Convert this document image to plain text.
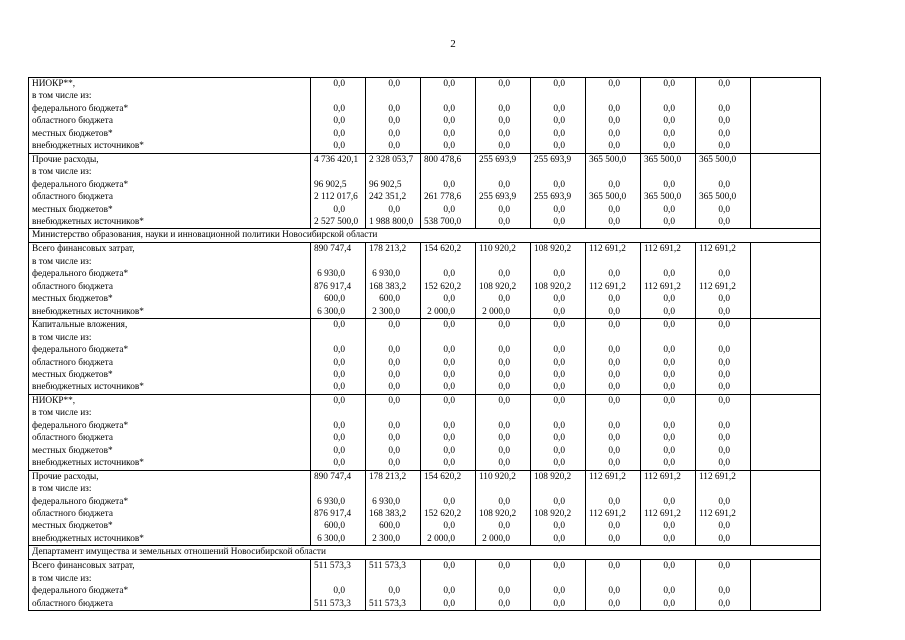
2
НИОКР**,	0,0	0,0	0,0	0,0	0,0	0,0	0,0	0,0	
в том числе из:									
федерального бюджета*	0,0	0,0	0,0	0,0	0,0	0,0	0,0	0,0	
областного бюджета	0,0	0,0	0,0	0,0	0,0	0,0	0,0	0,0	
местных бюджетов*	0,0	0,0	0,0	0,0	0,0	0,0	0,0	0,0	
внебюджетных источников*	0,0	0,0	0,0	0,0	0,0	0,0	0,0	0,0	
Прочие расходы,	4 736 420,1	2 328 053,7	800 478,6	255 693,9	255 693,9	365 500,0	365 500,0	365 500,0	
в том числе из:									
федерального бюджета*	96 902,5	96 902,5	0,0	0,0	0,0	0,0	0,0	0,0	
областного бюджета	2 112 017,6	242 351,2	261 778,6	255 693,9	255 693,9	365 500,0	365 500,0	365 500,0	
местных бюджетов*	0,0	0,0	0,0	0,0	0,0	0,0	0,0	0,0	
внебюджетных источников*	2 527 500,0	1 988 800,0	538 700,0	0,0	0,0	0,0	0,0	0,0	
Министерство образования, науки и инновационной политики Новосибирской области									
Всего финансовых затрат,	890 747,4	178 213,2	154 620,2	110 920,2	108 920,2	112 691,2	112 691,2	112 691,2	
в том числе из:									
федерального бюджета*	6 930,0	6 930,0	0,0	0,0	0,0	0,0	0,0	0,0	
областного бюджета	876 917,4	168 383,2	152 620,2	108 920,2	108 920,2	112 691,2	112 691,2	112 691,2	
местных бюджетов*	600,0	600,0	0,0	0,0	0,0	0,0	0,0	0,0	
внебюджетных источников*	6 300,0	2 300,0	2 000,0	2 000,0	0,0	0,0	0,0	0,0	
Капитальные вложения,	0,0	0,0	0,0	0,0	0,0	0,0	0,0	0,0	
в том числе из:									
федерального бюджета*	0,0	0,0	0,0	0,0	0,0	0,0	0,0	0,0	
областного бюджета	0,0	0,0	0,0	0,0	0,0	0,0	0,0	0,0	
местных бюджетов*	0,0	0,0	0,0	0,0	0,0	0,0	0,0	0,0	
внебюджетных источников*	0,0	0,0	0,0	0,0	0,0	0,0	0,0	0,0	
НИОКР**,	0,0	0,0	0,0	0,0	0,0	0,0	0,0	0,0	
в том числе из:									
федерального бюджета*	0,0	0,0	0,0	0,0	0,0	0,0	0,0	0,0	
областного бюджета	0,0	0,0	0,0	0,0	0,0	0,0	0,0	0,0	
местных бюджетов*	0,0	0,0	0,0	0,0	0,0	0,0	0,0	0,0	
внебюджетных источников*	0,0	0,0	0,0	0,0	0,0	0,0	0,0	0,0	
Прочие расходы,	890 747,4	178 213,2	154 620,2	110 920,2	108 920,2	112 691,2	112 691,2	112 691,2	
в том числе из:									
федерального бюджета*	6 930,0	6 930,0	0,0	0,0	0,0	0,0	0,0	0,0	
областного бюджета	876 917,4	168 383,2	152 620,2	108 920,2	108 920,2	112 691,2	112 691,2	112 691,2	
местных бюджетов*	600,0	600,0	0,0	0,0	0,0	0,0	0,0	0,0	
внебюджетных источников*	6 300,0	2 300,0	2 000,0	2 000,0	0,0	0,0	0,0	0,0	
Департамент имущества и земельных отношений Новосибирской области									
Всего финансовых затрат,	511 573,3	511 573,3	0,0	0,0	0,0	0,0	0,0	0,0	
в том числе из:									
федерального бюджета*	0,0	0,0	0,0	0,0	0,0	0,0	0,0	0,0	
областного бюджета	511 573,3	511 573,3	0,0	0,0	0,0	0,0	0,0	0,0	
